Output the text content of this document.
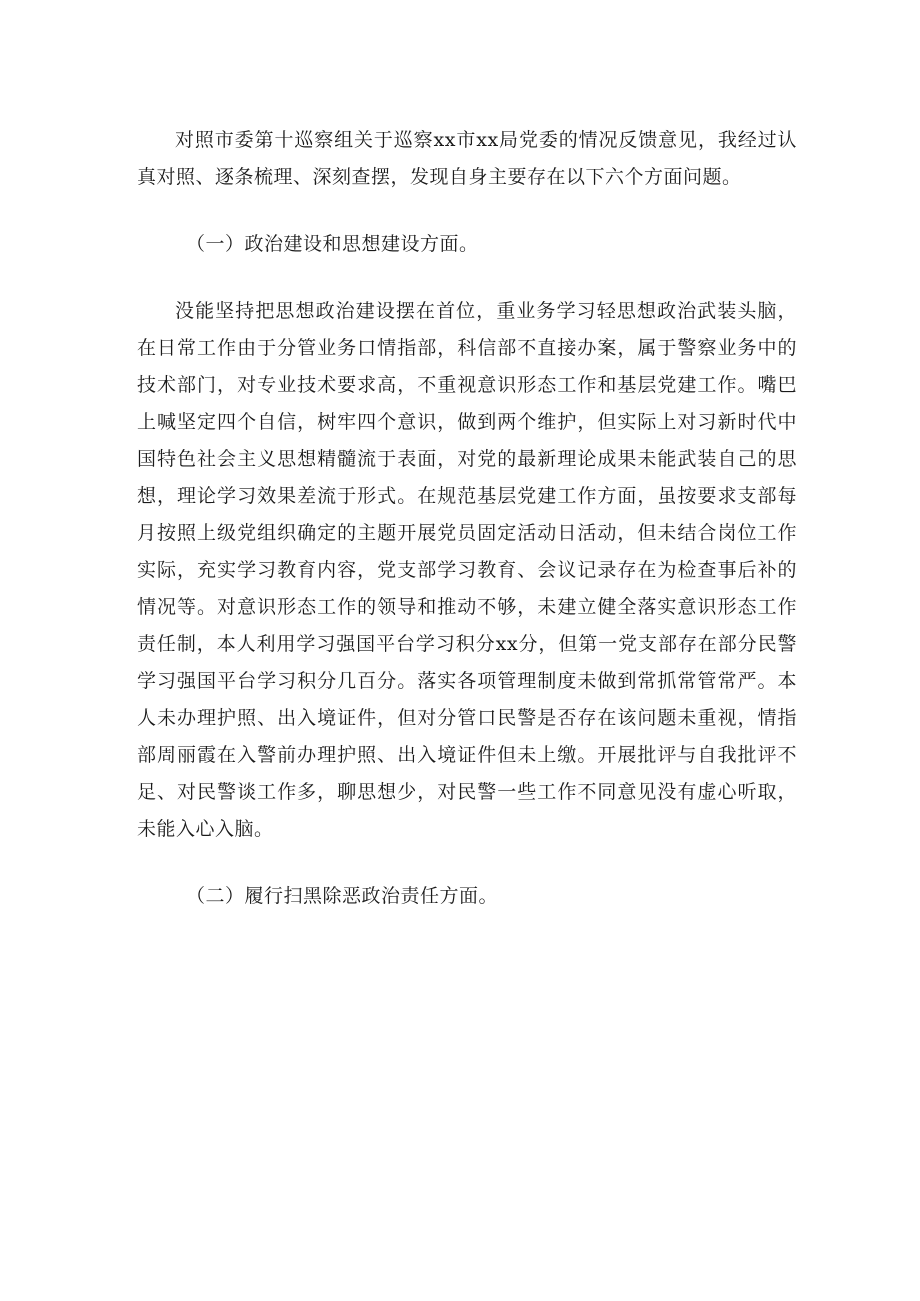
对照市委第十巡察组关于巡察xx市xx局党委的情况反馈意见，我经过认真对照、逐条梳理、深刻查摆，发现自身主要存在以下六个方面问题。

（一）政治建设和思想建设方面。

没能坚持把思想政治建设摆在首位，重业务学习轻思想政治武装头脑，在日常工作由于分管业务口情指部，科信部不直接办案，属于警察业务中的技术部门，对专业技术要求高，不重视意识形态工作和基层党建工作。嘴巴上喊坚定四个自信，树牢四个意识，做到两个维护，但实际上对习新时代中国特色社会主义思想精髓流于表面，对党的最新理论成果未能武装自己的思想，理论学习效果差流于形式。在规范基层党建工作方面，虽按要求支部每月按照上级党组织确定的主题开展党员固定活动日活动，但未结合岗位工作实际，充实学习教育内容，党支部学习教育、会议记录存在为检查事后补的情况等。对意识形态工作的领导和推动不够，未建立健全落实意识形态工作责任制，本人利用学习强国平台学习积分xx分，但第一党支部存在部分民警学习强国平台学习积分几百分。落实各项管理制度未做到常抓常管常严。本人未办理护照、出入境证件，但对分管口民警是否存在该问题未重视，情指部周丽霞在入警前办理护照、出入境证件但未上缴。开展批评与自我批评不足、对民警谈工作多，聊思想少，对民警一些工作不同意见没有虚心听取，未能入心入脑。

（二）履行扫黑除恶政治责任方面。
